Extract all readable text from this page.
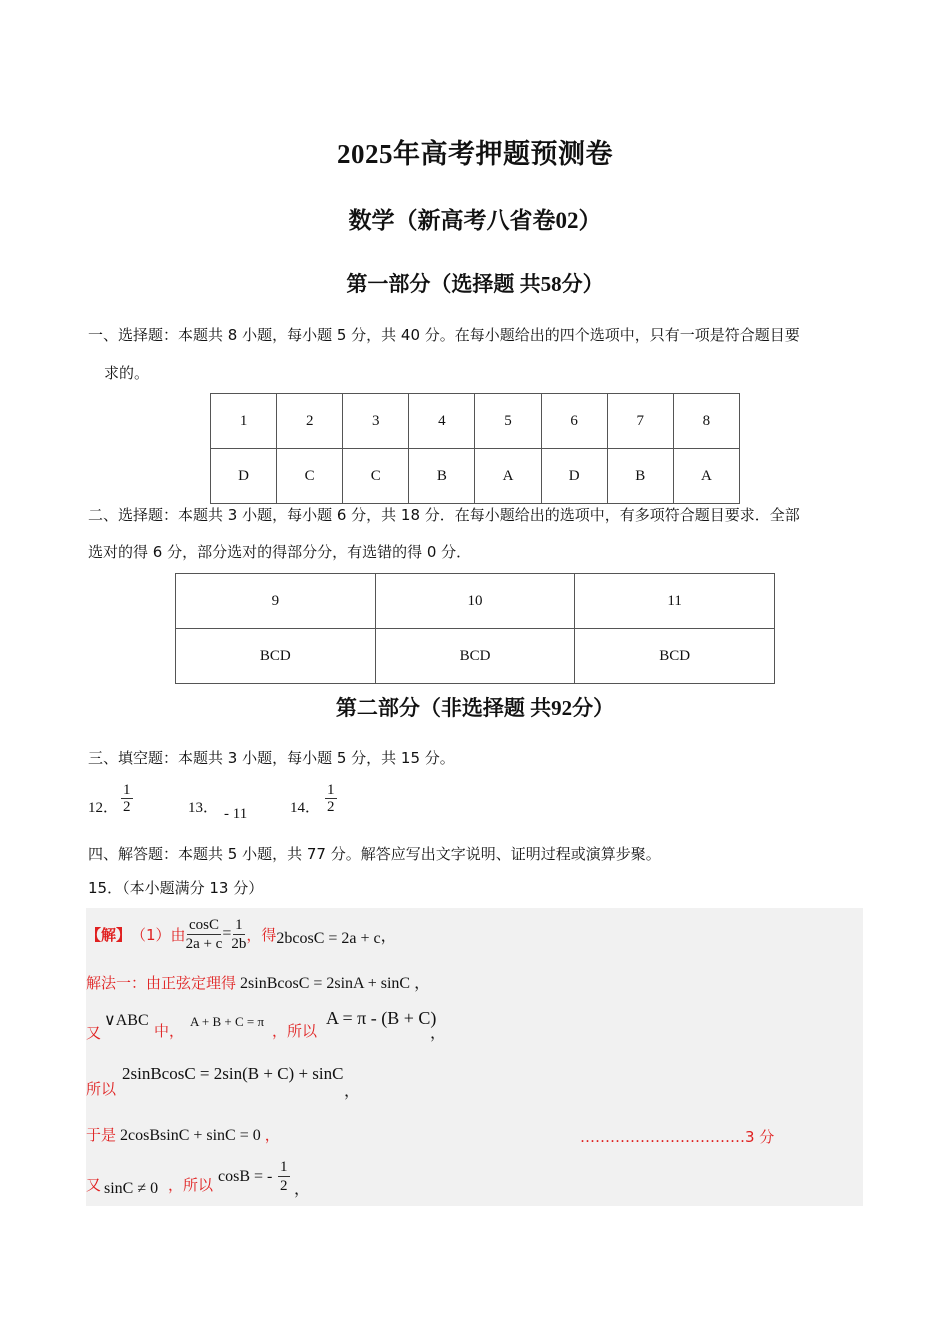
2025年高考押题预测卷
数学（新高考八省卷02）
第一部分（选择题 共58分）
一、选择题：本题共 8 小题，每小题 5 分，共 40 分。在每小题给出的四个选项中，只有一项是符合题目要
求的。
1	2	3	4	5	6	7	8
D	C	C	B	A	D	B	A
二、选择题：本题共 3 小题，每小题 6 分，共 18 分．在每小题给出的选项中，有多项符合题目要求．全部
选对的得 6 分，部分选对的得部分分，有选错的得 0 分．
9	10	11
BCD	BCD	BCD
第二部分（非选择题 共92分）
三、填空题：本题共 3 小题，每小题 5 分，共 15 分。
12． $\frac{1}{2}$	13． - 11	14． $\frac{1}{2}$
四、解答题：本题共 5 小题，共 77 分。解答应写出文字说明、证明过程或演算步聚。
15．（本小题满分 13 分）
【解】 （1）由 $\frac{\cos C}{2a + c} = \frac{1}{2b}$ ，得 2bcosC = 2a + c ，
解法一：由正弦定理得 2sinBcosC = 2sinA + sinC ，
又
∨ABC
中，
A + B + C = π
，所以
A = π - (B + C)
，
所以
2sinBcosC = 2sin(B + C) + sinC
，
于是 2cosBsinC + sinC = 0 ，	……………………………3 分
又 sinC ≠ 0 ，所以 cosB = -
1
2 ，
